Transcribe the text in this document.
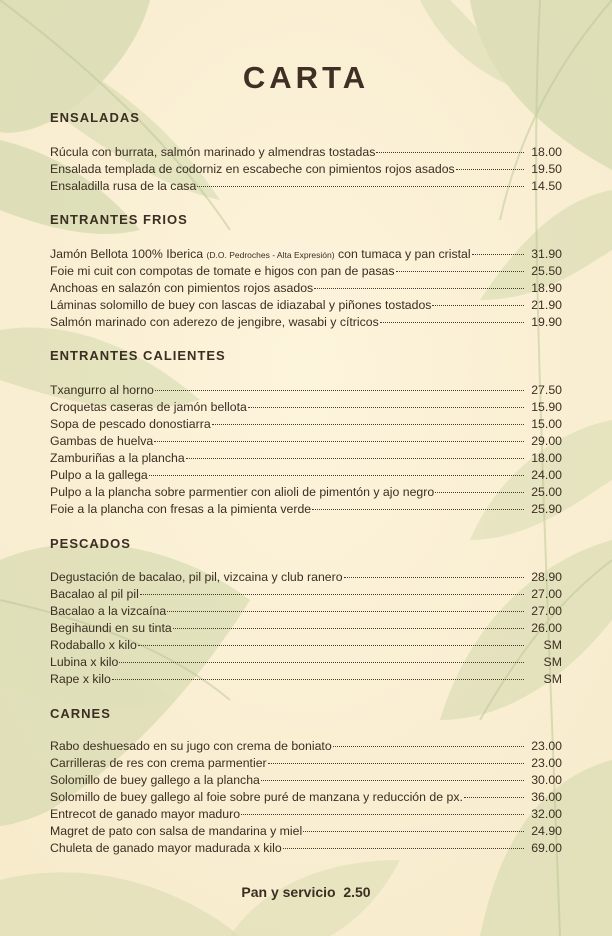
CARTA
ENSALADAS
Rúcula con burrata, salmón marinado y almendras tostadas	18.00
Ensalada templada de codorniz en escabeche con pimientos rojos asados	19.50
Ensaladilla rusa de la casa	14.50
ENTRANTES FRIOS
Jamón Bellota 100% Iberica (D.O. Pedroches - Alta Expresión) con tumaca y pan cristal	31.90
Foie mi cuit con compotas de tomate e higos con pan de pasas	25.50
Anchoas en salazón con pimientos rojos asados	18.90
Láminas solomillo de buey con lascas de idiazabal y piñones tostados	21.90
Salmón marinado con aderezo de jengibre, wasabi y cítricos	19.90
ENTRANTES CALIENTES
Txangurro al horno	27.50
Croquetas caseras de jamón bellota	15.90
Sopa de pescado donostiarra	15.00
Gambas de huelva	29.00
Zamburiñas a la plancha	18.00
Pulpo a la gallega	24.00
Pulpo a la plancha sobre parmentier con alioli de pimentón y ajo negro	25.00
Foie a la plancha con fresas a la pimienta verde	25.90
PESCADOS
Degustación de bacalao, pil pil, vizcaina y club ranero	28.90
Bacalao al pil pil	27.00
Bacalao a la vizcaína	27.00
Begihaundi en su tinta	26.00
Rodaballo x kilo	SM
Lubina x kilo	SM
Rape x kilo	SM
CARNES
Rabo deshuesado en su jugo con crema de boniato	23.00
Carrilleras de res con crema parmentier	23.00
Solomillo de buey gallego a la plancha	30.00
Solomillo de buey gallego al foie sobre puré de manzana y reducción de px.	36.00
Entrecot de ganado mayor maduro	32.00
Magret de pato con salsa de mandarina y miel	24.90
Chuleta de ganado mayor madurada x kilo	69.00
Pan y servicio 2.50
